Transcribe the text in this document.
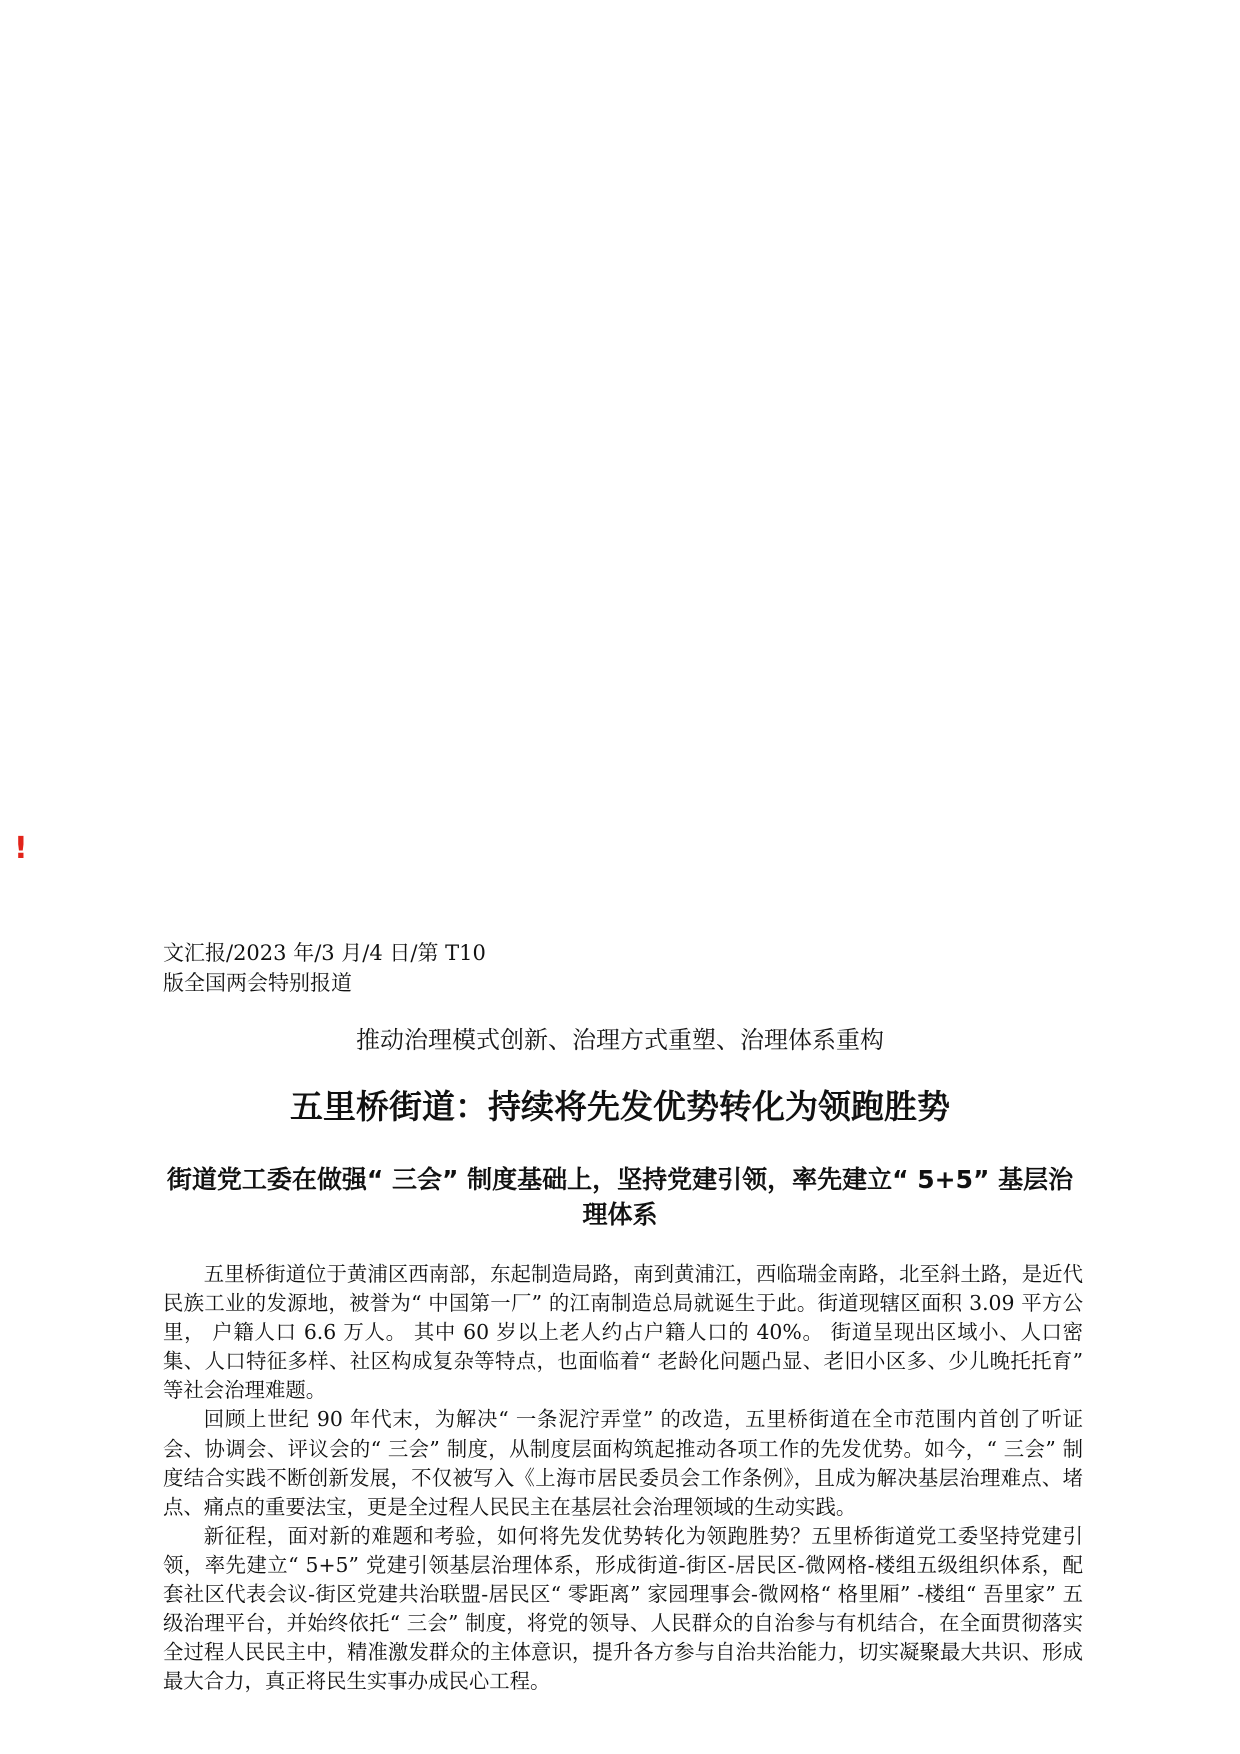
!
文汇报/2023 年/3 月/4 日/第 T10
版全国两会特别报道
推动治理模式创新、治理方式重塑、治理体系重构
五里桥街道：持续将先发优势转化为领跑胜势
街道党工委在做强“ 三会” 制度基础上，坚持党建引领，率先建立“ 5+5” 基层治理体系

五里桥街道位于黄浦区西南部，东起制造局路，南到黄浦江，西临瑞金南路，北至斜土路，是近代民族工业的发源地，被誉为“ 中国第一厂” 的江南制造总局就诞生于此。街道现辖区面积 3.09 平方公里， 户籍人口 6.6 万人。 其中 60 岁以上老人约占户籍人口的 40%。 街道呈现出区域小、人口密集、人口特征多样、社区构成复杂等特点，也面临着“ 老龄化问题凸显、老旧小区多、少儿晚托托育” 等社会治理难题。

回顾上世纪 90 年代末，为解决“ 一条泥泞弄堂” 的改造，五里桥街道在全市范围内首创了听证会、协调会、评议会的“ 三会” 制度，从制度层面构筑起推动各项工作的先发优势。如今，“ 三会” 制度结合实践不断创新发展，不仅被写入《上海市居民委员会工作条例》，且成为解决基层治理难点、堵点、痛点的重要法宝，更是全过程人民民主在基层社会治理领域的生动实践。

新征程，面对新的难题和考验，如何将先发优势转化为领跑胜势？五里桥街道党工委坚持党建引领，率先建立“ 5+5” 党建引领基层治理体系，形成街道-街区-居民区-微网格-楼组五级组织体系，配套社区代表会议-街区党建共治联盟-居民区“ 零距离” 家园理事会-微网格“ 格里厢” -楼组“ 吾里家” 五级治理平台，并始终依托“ 三会” 制度，将党的领导、人民群众的自治参与有机结合，在全面贯彻落实全过程人民民主中，精准激发群众的主体意识，提升各方参与自治共治能力，切实凝聚最大共识、形成最大合力，真正将民生实事办成民心工程。
